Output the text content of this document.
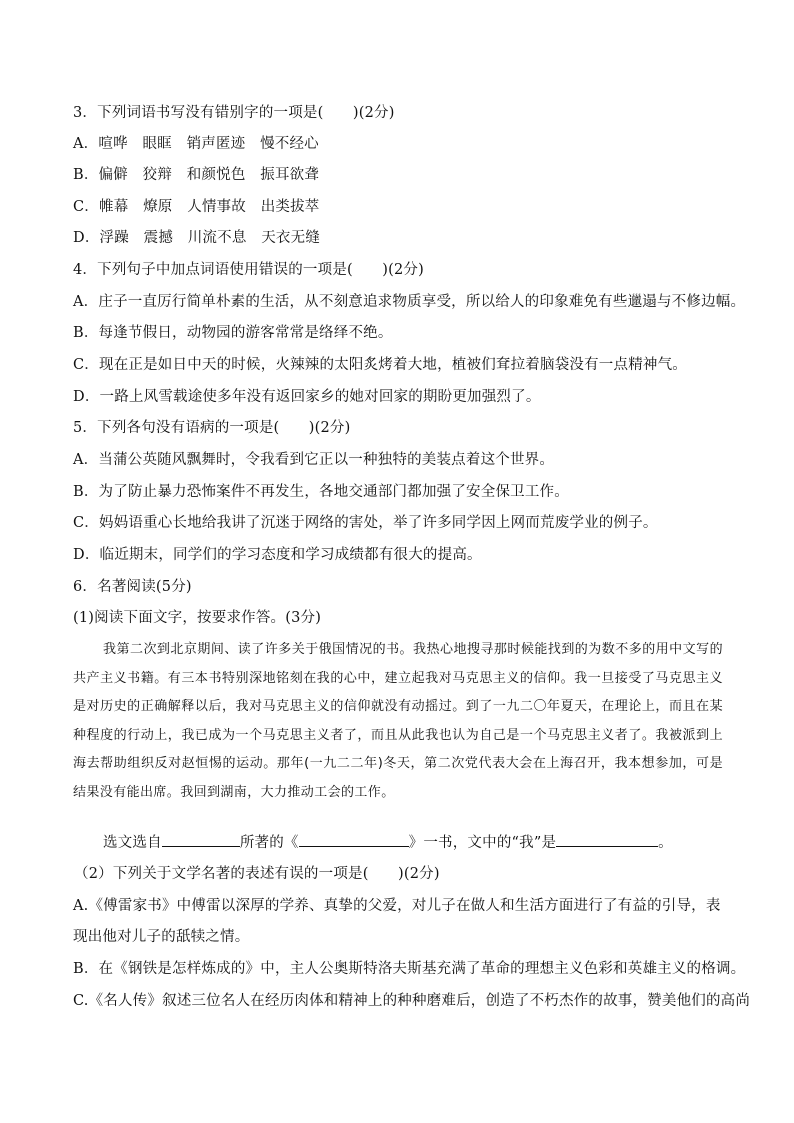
3．下列词语书写没有错别字的一项是(　　)(2分)
A．喧哗　眼眶　销声匿迹　慢不经心
B．偏僻　狡辩　和颜悦色　振耳欲聋
C．帷幕　燎原　人情事故　出类拔萃
D．浮躁　震撼　川流不息　天衣无缝
4．下列句子中加点词语使用错误的一项是(　　)(2分)
A．庄子一直厉行简单朴素的生活，从不刻意追求物质享受，所以给人的印象难免有些邋遢与不修边幅。
B．每逢节假日，动物园的游客常常是络绎不绝。
C．现在正是如日中天的时候，火辣辣的太阳炙烤着大地，植被们耷拉着脑袋没有一点精神气。
D．一路上风雪载途使多年没有返回家乡的她对回家的期盼更加强烈了。
5．下列各句没有语病的一项是(　　)(2分)
A．当蒲公英随风飘舞时，令我看到它正以一种独特的美装点着这个世界。
B．为了防止暴力恐怖案件不再发生，各地交通部门都加强了安全保卫工作。
C．妈妈语重心长地给我讲了沉迷于网络的害处，举了许多同学因上网而荒废学业的例子。
D．临近期末，同学们的学习态度和学习成绩都有很大的提高。
6．名著阅读(5分)
(1)阅读下面文字，按要求作答。(3分)

我第二次到北京期间、读了许多关于俄国情况的书。我热心地搜寻那时候能找到的为数不多的用中文写的共产主义书籍。有三本书特别深地铭刻在我的心中，建立起我对马克思主义的信仰。我一旦接受了马克思主义是对历史的正确解释以后，我对马克思主义的信仰就没有动摇过。到了一九二〇年夏天，在理论上，而且在某种程度的行动上，我已成为一个马克思主义者了，而且从此我也认为自己是一个马克思主义者了。我被派到上海去帮助组织反对赵恒惕的运动。那年(一九二二年)冬天，第二次党代表大会在上海召开，我本想参加，可是结果没有能出席。我回到湖南，大力推动工会的工作。

选文选自	所著的《	》一书，文中的“我”是	。
（2）下列关于文学名著的表述有误的一项是(　　)(2分)
A.《傅雷家书》中傅雷以深厚的学养、真挚的父爱，对儿子在做人和生活方面进行了有益的引导，表现出他对儿子的舐犊之情。
B．在《钢铁是怎样炼成的》中，主人公奥斯特洛夫斯基充满了革命的理想主义色彩和英雄主义的格调。
C.《名人传》叙述三位名人在经历肉体和精神上的种种磨难后，创造了不朽杰作的故事，赞美他们的高尚
